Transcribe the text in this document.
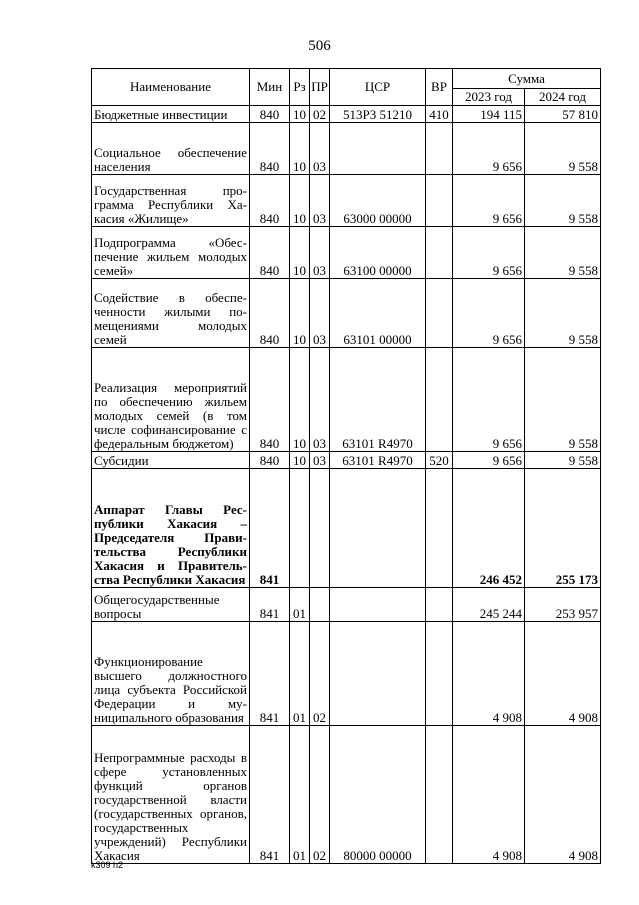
506
Наименование	Мин	Рз	ПР	ЦСР	ВР	Сумма	
						2023 год	2024 год
Бюджетные инвестиции	840	10	02	513Р3 51210	410	194 115	57 810
Социальное обеспечение населения	840	10	03			9 656	9 558
Государственная программа Республики Хакасия «Жилище»	840	10	03	63000 00000		9 656	9 558
Подпрограмма «Обеспечение жильем молодых семей»	840	10	03	63100 00000		9 656	9 558
Содействие в обеспеченности жилыми помещениями молодых семей	840	10	03	63101 00000		9 656	9 558
Реализация мероприятий по обеспечению жильем молодых семей (в том числе софинансирование с федеральным бюджетом)	840	10	03	63101 R4970		9 656	9 558
Субсидии	840	10	03	63101 R4970	520	9 656	9 558
Аппарат Главы Республики Хакасия – Председателя Правительства Республики Хакасия и Правительства Республики Хакасия	841					246 452	255 173
Общегосударственные вопросы	841	01				245 244	253 957
Функционирование высшего должностного лица субъекта Российской Федерации и муниципального образования	841	01	02			4 908	4 908
Непрограммные расходы в сфере установленных функций органов государственной власти (государственных органов, государственных учреждений) Республики Хакасия	841	01	02	80000 00000		4 908	4 908
k309 h2
